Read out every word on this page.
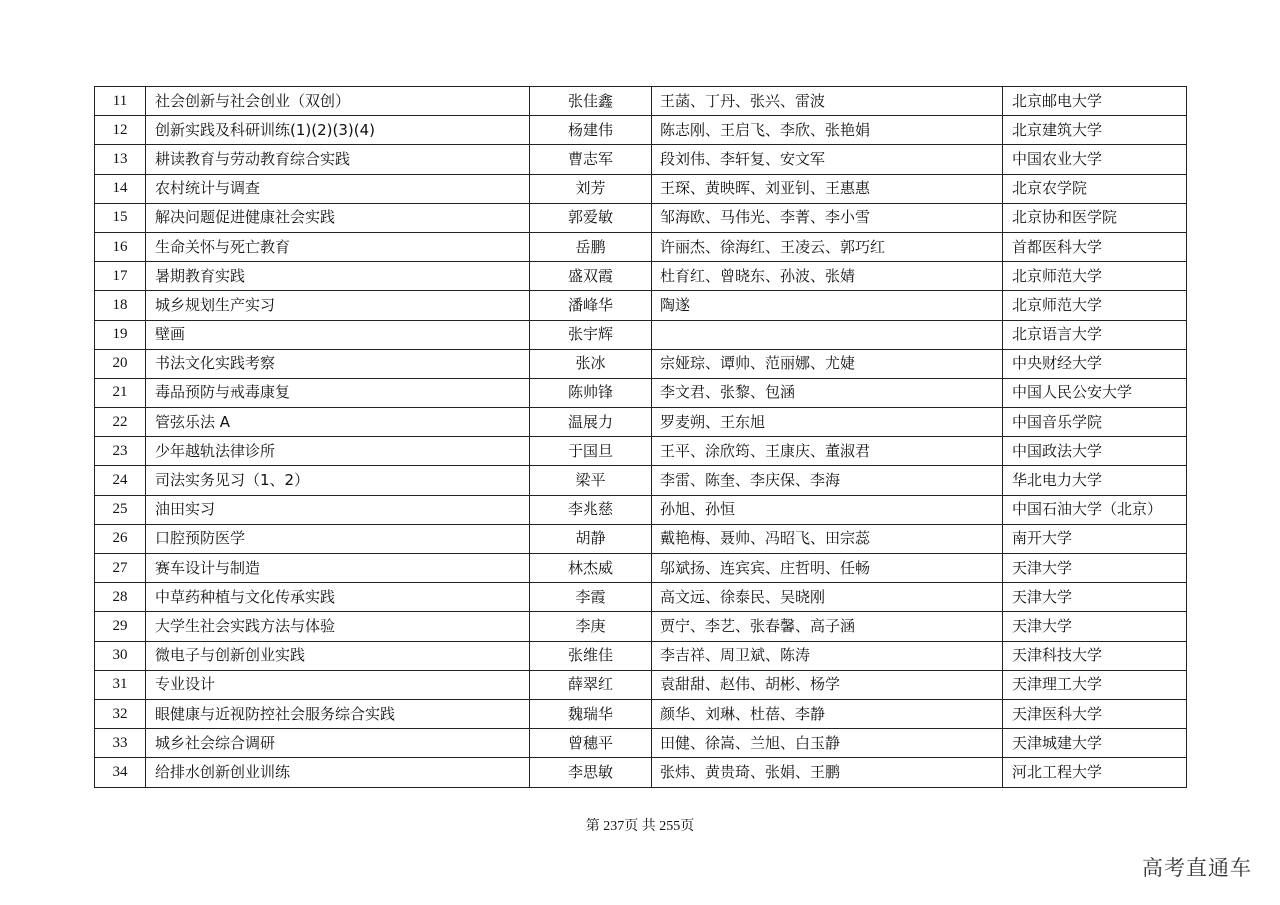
11	社会创新与社会创业（双创）	张佳鑫	王菡、丁丹、张兴、雷波	北京邮电大学
12	创新实践及科研训练(1)(2)(3)(4)	杨建伟	陈志刚、王启飞、李欣、张艳娟	北京建筑大学
13	耕读教育与劳动教育综合实践	曹志军	段刘伟、李轩复、安文军	中国农业大学
14	农村统计与调查	刘芳	王琛、黄映晖、刘亚钊、王惠惠	北京农学院
15	解决问题促进健康社会实践	郭爱敏	邹海欧、马伟光、李菁、李小雪	北京协和医学院
16	生命关怀与死亡教育	岳鹏	许丽杰、徐海红、王凌云、郭巧红	首都医科大学
17	暑期教育实践	盛双霞	杜育红、曾晓东、孙波、张婧	北京师范大学
18	城乡规划生产实习	潘峰华	陶遂	北京师范大学
19	壁画	张宇辉		北京语言大学
20	书法文化实践考察	张冰	宗娅琮、谭帅、范丽娜、尤婕	中央财经大学
21	毒品预防与戒毒康复	陈帅锋	李文君、张黎、包涵	中国人民公安大学
22	管弦乐法 A	温展力	罗麦朔、王东旭	中国音乐学院
23	少年越轨法律诊所	于国旦	王平、涂欣筠、王康庆、董淑君	中国政法大学
24	司法实务见习（1、2）	梁平	李雷、陈奎、李庆保、李海	华北电力大学
25	油田实习	李兆慈	孙旭、孙恒	中国石油大学（北京）
26	口腔预防医学	胡静	戴艳梅、聂帅、冯昭飞、田宗蕊	南开大学
27	赛车设计与制造	林杰威	邬斌扬、连宾宾、庄哲明、任畅	天津大学
28	中草药种植与文化传承实践	李霞	高文远、徐泰民、吴晓刚	天津大学
29	大学生社会实践方法与体验	李庚	贾宁、李艺、张春馨、高子涵	天津大学
30	微电子与创新创业实践	张维佳	李吉祥、周卫斌、陈涛	天津科技大学
31	专业设计	薛翠红	袁甜甜、赵伟、胡彬、杨学	天津理工大学
32	眼健康与近视防控社会服务综合实践	魏瑞华	颜华、刘琳、杜蓓、李静	天津医科大学
33	城乡社会综合调研	曾穗平	田健、徐嵩、兰旭、白玉静	天津城建大学
34	给排水创新创业训练	李思敏	张炜、黄贵琦、张娟、王鹏	河北工程大学
第 237页 共 255页
高考直通车
